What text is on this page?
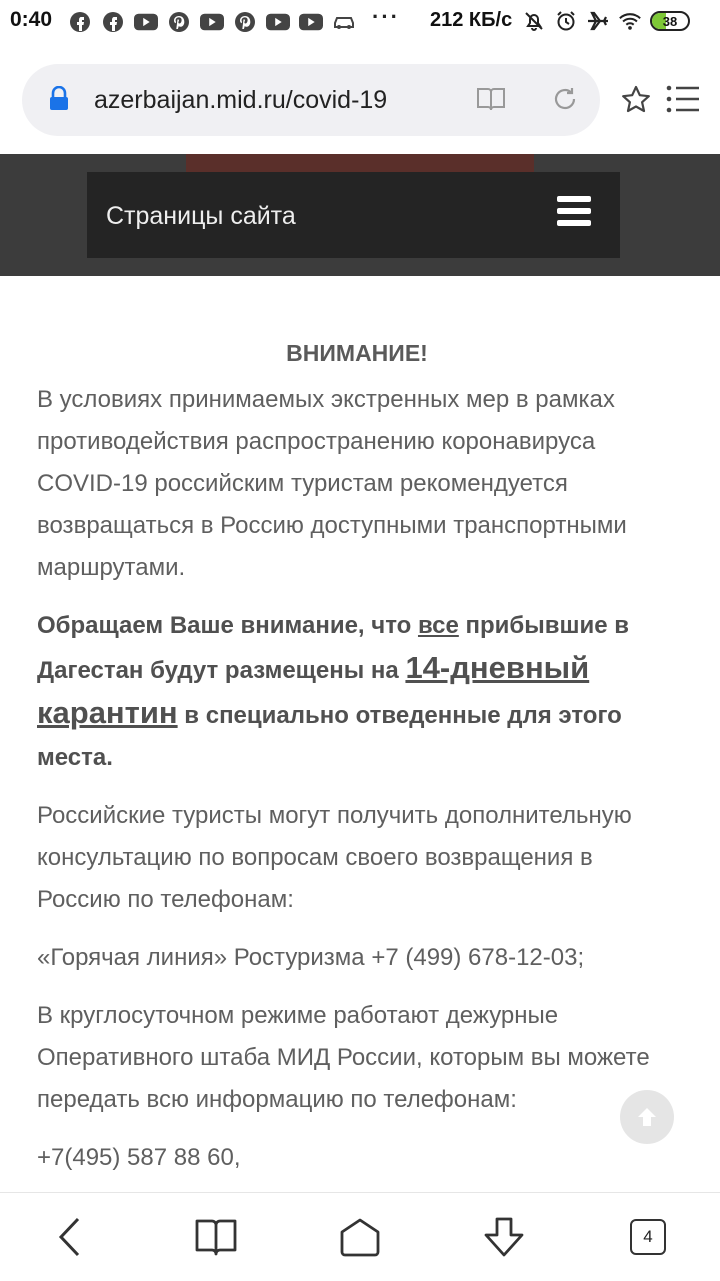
0:40	··· 212 КБ/с	38
azerbaijan.mid.ru/covid-19
Страницы сайта
ВНИМАНИЕ!

В условиях принимаемых экстренных мер в рамках противодействия распространению коронавируса COVID-19 российским туристам рекомендуется возвращаться в Россию доступными транспортными маршрутами.

Обращаем Ваше внимание, что все прибывшие в Дагестан будут размещены на 14-дневный карантин в специально отведенные для этого места.

Российские туристы могут получить дополнительную консультацию по вопросам своего возвращения в Россию по телефонам:

«Горячая линия» Ростуризма +7 (499) 678-12-03;

В круглосуточном режиме работают дежурные Оперативного штаба МИД России, которым вы можете передать всю информацию по телефонам:

+7(495) 587 88 60,

4
